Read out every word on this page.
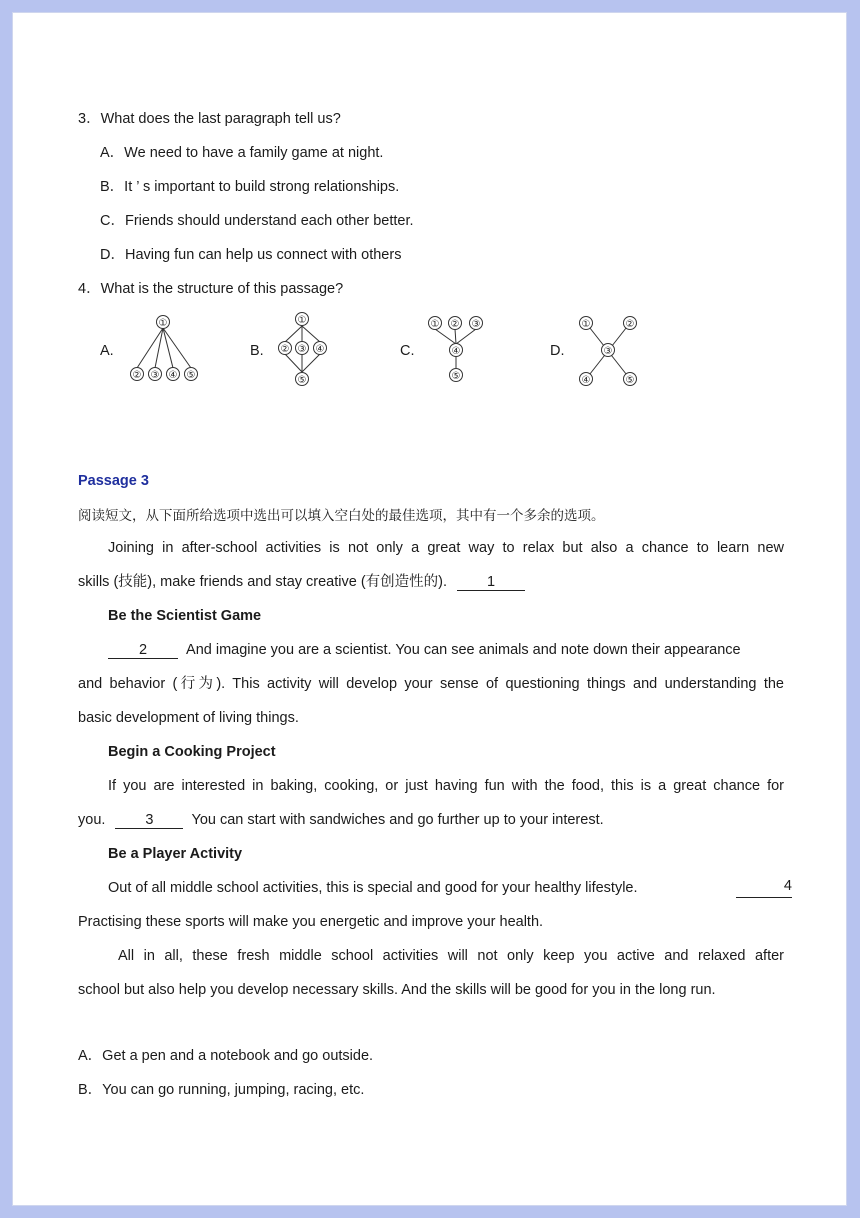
3．What does the last paragraph tell us?
A．We need to have a family game at night.
B．It ’ s important to build strong relationships.
C．Friends should understand each other better.
D．Having fun can help us connect with others
4．What is the structure of this passage?
A.	B.	C.	D.
①
② ③ ④ ⑤
①
② ③ ④
⑤
① ② ③
④
⑤
①	②
③
④	⑤
Passage 3
阅读短文，从下面所给选项中选出可以填入空白处的最佳选项，其中有一个多余的选项。
Joining in after-school activities is not only a great way to relax but also a chance to learn new
skills (技能), make friends and stay creative (有创造性的).	1
Be the Scientist Game
2	And imagine you are a scientist. You can see animals and note down their appearance
and behavior (行为). This activity will develop your sense of questioning things and understanding the
basic development of living things.
Begin a Cooking Project
If you are interested in baking, cooking, or just having fun with the food, this is a great chance for
you.	3	You can start with sandwiches and go further up to your interest.
Be a Player Activity
Out of all middle school activities, this is special and good for your healthy lifestyle.	4
Practising these sports will make you energetic and improve your health.
All in all, these fresh middle school activities will not only keep you active and relaxed after
school but also help you develop necessary skills. And the skills will be good for you in the long run.
A．Get a pen and a notebook and go outside.
B．You can go running, jumping, racing, etc.
